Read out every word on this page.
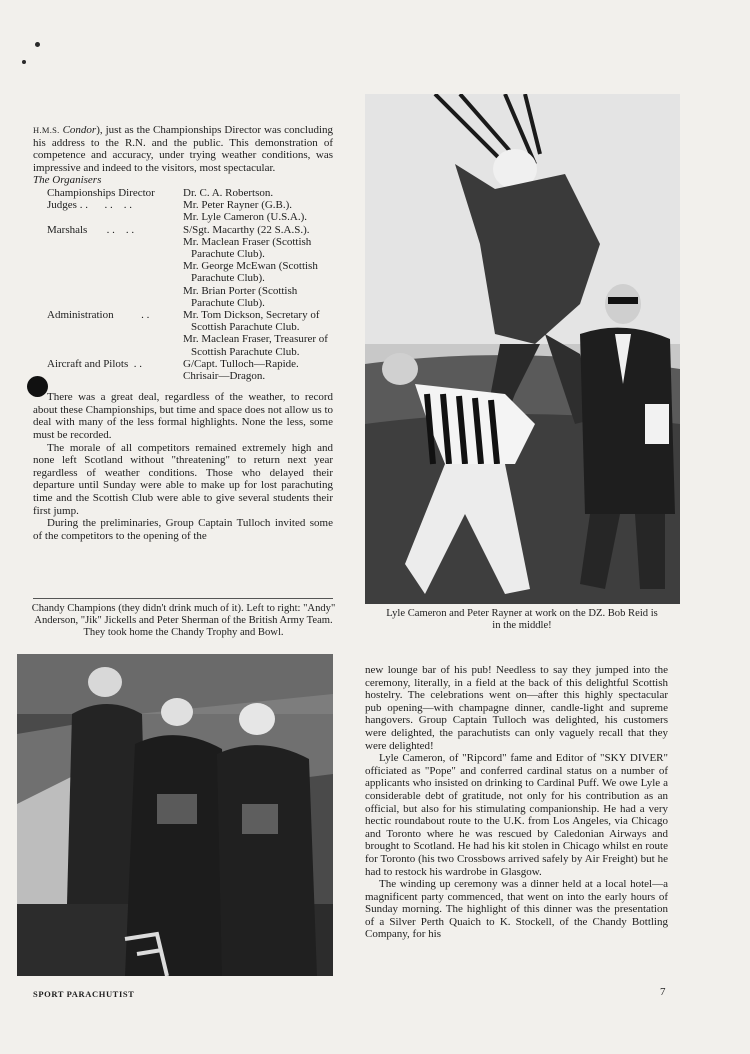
H.M.S. Condor), just as the Championships Director was concluding his address to the R.N. and the public. This demonstration of competence and accuracy, under trying weather conditions, was impressive and indeed to the visitors, most spectacular.

The Organisers

Championships Director	Dr. C. A. Robertson.

Judges . .      . .    . .	Mr. Peter Rayner (G.B.).
Mr. Lyle Cameron (U.S.A.).

Marshals       . .    . .	S/Sgt. Macarthy (22 S.A.S.).
Mr. Maclean Fraser (Scottish Parachute Club).
Mr. George McEwan (Scottish Parachute Club).
Mr. Brian Porter (Scottish Parachute Club).

Administration          . .	Mr. Tom Dickson, Secretary of Scottish Parachute Club.
Mr. Maclean Fraser, Treasurer of Scottish Parachute Club.

Aircraft and Pilots  . .	G/Capt. Tulloch—Rapide.
Chrisair—Dragon.

There was a great deal, regardless of the weather, to record about these Championships, but time and space does not allow us to deal with many of the less formal highlights. None the less, some must be recorded.

The morale of all competitors remained extremely high and none left Scotland without "threatening" to return next year regardless of weather conditions. Those who delayed their departure until Sunday were able to make up for lost parachuting time and the Scottish Club were able to give several students their first jump.

During the preliminaries, Group Captain Tulloch invited some of the competitors to the opening of the

Chandy Champions (they didn't drink much of it). Left to right: "Andy" Anderson, "Jik" Jickells and Peter Sherman of the British Army Team. They took home the Chandy Trophy and Bowl.
Lyle Cameron and Peter Rayner at work on the DZ. Bob Reid is in the middle!

new lounge bar of his pub! Needless to say they jumped into the ceremony, literally, in a field at the back of this delightful Scottish hostelry. The celebrations went on—after this highly spectacular pub opening—with champagne dinner, candle-light and supreme hangovers. Group Captain Tulloch was delighted, his customers were delighted, the parachutists can only vaguely recall that they were delighted!

Lyle Cameron, of "Ripcord" fame and Editor of "SKY DIVER" officiated as "Pope" and conferred cardinal status on a number of applicants who insisted on drinking to Cardinal Puff. We owe Lyle a considerable debt of gratitude, not only for his contribution as an official, but also for his stimulating companionship. He had a very hectic roundabout route to the U.K. from Los Angeles, via Chicago and Toronto where he was rescued by Caledonian Airways and brought to Scotland. He had his kit stolen in Chicago whilst en route for Toronto (his two Crossbows arrived safely by Air Freight) but he had to restock his wardrobe in Glasgow.

The winding up ceremony was a dinner held at a local hotel—a magnificent party commenced, that went on into the early hours of Sunday morning. The highlight of this dinner was the presentation of a Silver Perth Quaich to K. Stockell, of the Chandy Bottling Company, for his

SPORT PARACHUTIST	7
